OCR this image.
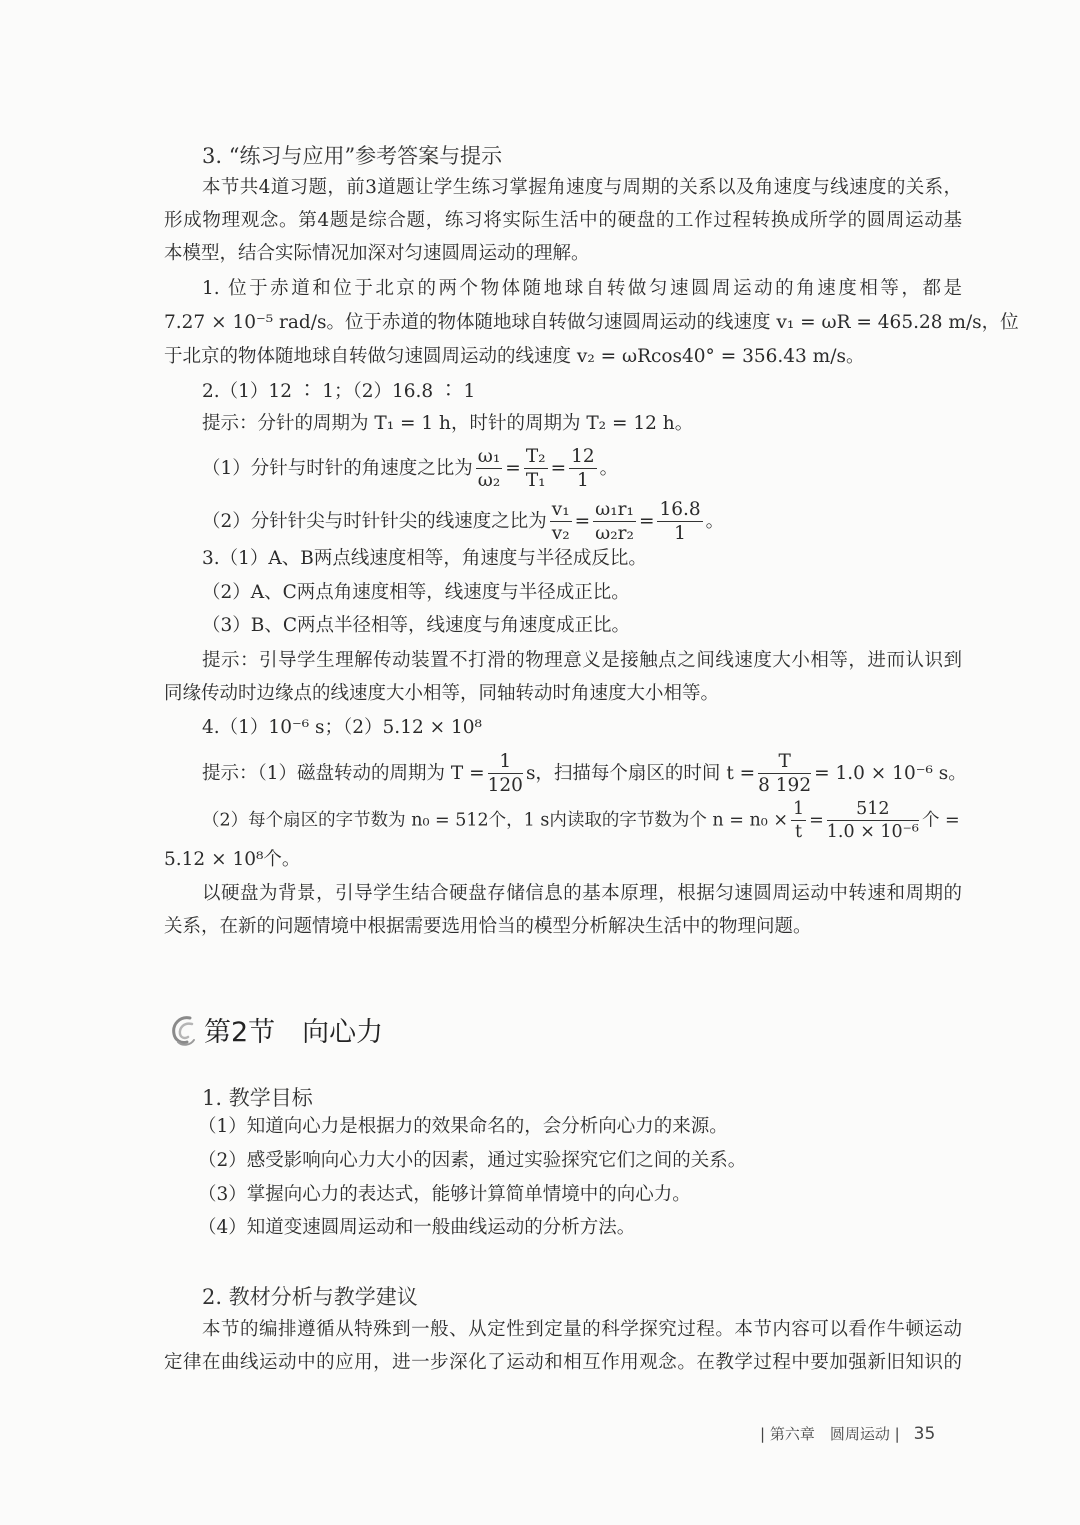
3. “练习与应用”参考答案与提示
本节共4道习题，前3道题让学生练习掌握角速度与周期的关系以及角速度与线速度的关系，
形成物理观念。第4题是综合题，练习将实际生活中的硬盘的工作过程转换成所学的圆周运动基
本模型，结合实际情况加深对匀速圆周运动的理解。
1. 位于赤道和位于北京的两个物体随地球自转做匀速圆周运动的角速度相等，都是
7.27 × 10⁻⁵ rad/s。位于赤道的物体随地球自转做匀速圆周运动的线速度 v₁ = ωR = 465.28 m/s，位
于北京的物体随地球自转做匀速圆周运动的线速度 v₂ = ωRcos40° = 356.43 m/s。
2.（1）12 ∶ 1；（2）16.8 ∶ 1
提示：分针的周期为 T₁ = 1 h，时针的周期为 T₂ = 12 h。
（1）分针与时针的角速度之比为 $\frac{\text{ω₁}}{\text{ω₂}} = \frac{\text{T₂}}{\text{T₁}} = \frac{12}{1}$ 。
（2）分针针尖与时针针尖的线速度之比为 $\frac{\text{v₁}}{\text{v₂}} = \frac{\text{ω₁r₁}}{\text{ω₂r₂}} = \frac{16.8}{1}$ 。
3.（1）A、B两点线速度相等，角速度与半径成反比。
（2）A、C两点角速度相等，线速度与半径成正比。
（3）B、C两点半径相等，线速度与角速度成正比。
提示：引导学生理解传动装置不打滑的物理意义是接触点之间线速度大小相等，进而认识到
同缘传动时边缘点的线速度大小相等，同轴转动时角速度大小相等。
4.（1）10⁻⁶ s；（2）5.12 × 10⁸
提示：（1）磁盘转动的周期为 $T = \frac{1}{120}$ s，扫描每个扇区的时间 $t = \frac{T}{8 192} = 1.0 \times 10^{-6}$ s。
（2）每个扇区的字节数为 n₀ = 512个，1 s内读取的字节数为个 $n = n_0 \times \frac{1}{t} = \frac{512}{\text{1.0 × 10⁻⁶}}$ 个 =
5.12 × 10⁸个。
以硬盘为背景，引导学生结合硬盘存储信息的基本原理，根据匀速圆周运动中转速和周期的
关系，在新的问题情境中根据需要选用恰当的模型分析解决生活中的物理问题。
第2节　向心力
1. 教学目标
（1）知道向心力是根据力的效果命名的，会分析向心力的来源。
（2）感受影响向心力大小的因素，通过实验探究它们之间的关系。
（3）掌握向心力的表达式，能够计算简单情境中的向心力。
（4）知道变速圆周运动和一般曲线运动的分析方法。
2. 教材分析与教学建议
本节的编排遵循从特殊到一般、从定性到定量的科学探究过程。本节内容可以看作牛顿运动
定律在曲线运动中的应用，进一步深化了运动和相互作用观念。在教学过程中要加强新旧知识的
| 第六章　圆周运动 | 35
